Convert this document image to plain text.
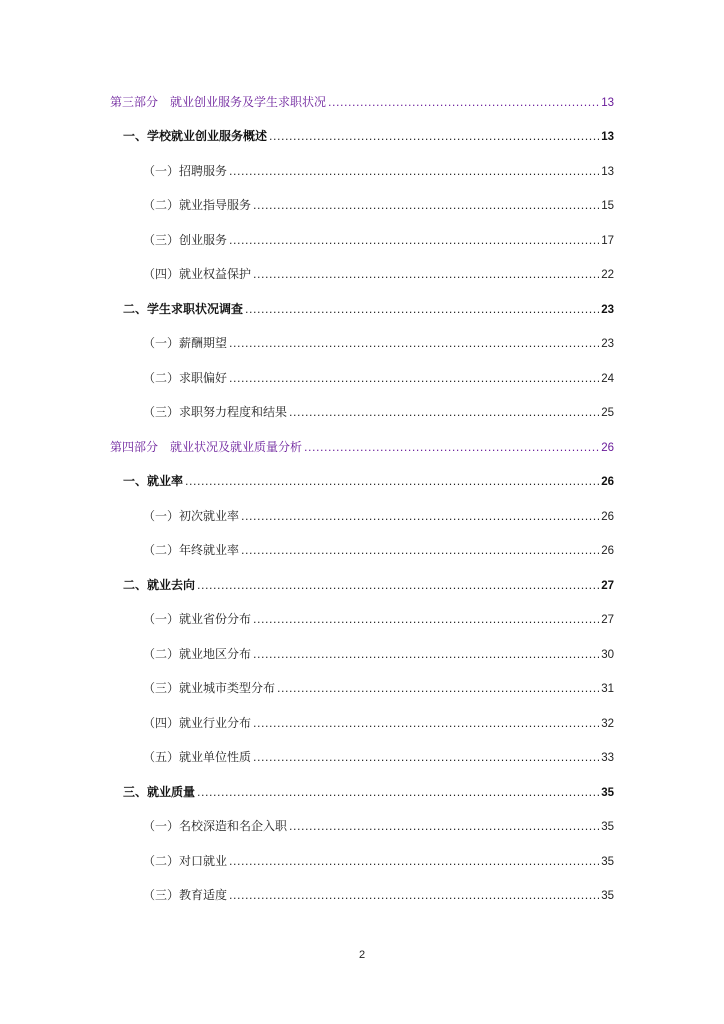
第三部分　就业创业服务及学生求职状况 .....	13
一、学校就业创业服务概述 .....	13
（一）招聘服务 .....	13
（二）就业指导服务 .....	15
（三）创业服务 .....	17
（四）就业权益保护 .....	22
二、学生求职状况调查 .....	23
（一）薪酬期望 .....	23
（二）求职偏好 .....	24
（三）求职努力程度和结果 .....	25
第四部分　就业状况及就业质量分析 .....	26
一、就业率 .....	26
（一）初次就业率 .....	26
（二）年终就业率 .....	26
二、就业去向 .....	27
（一）就业省份分布 .....	27
（二）就业地区分布 .....	30
（三）就业城市类型分布 .....	31
（四）就业行业分布 .....	32
（五）就业单位性质 .....	33
三、就业质量 .....	35
（一）名校深造和名企入职 .....	35
（二）对口就业 .....	35
（三）教育适度 .....	35
2
